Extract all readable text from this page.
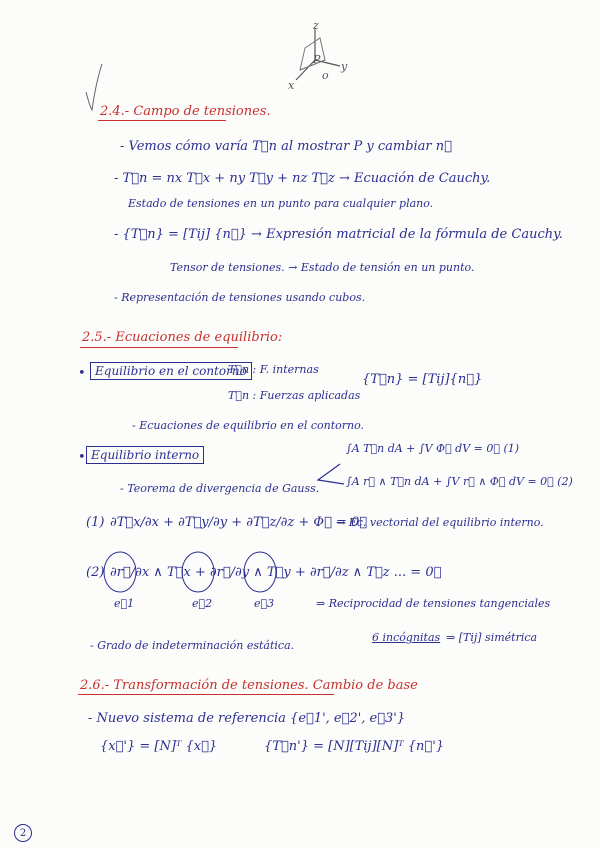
z
y
x
P
o
2.4.- Campo de tensiones.
- Vemos cómo varía T⃗n al mostrar P y cambiar n⃗
- T⃗n = nx T⃗x + ny T⃗y + nz T⃗z → Ecuación de Cauchy.
Estado de tensiones en un punto para cualquier plano.
- {T⃗n} = [Tij] {n⃗} → Expresión matricial de la fórmula de Cauchy.
Tensor de tensiones. → Estado de tensión en un punto.
- Representación de tensiones usando cubos.
2.5.- Ecuaciones de equilibrio:
• Equilibrio en el contorno
T⃗n : F. internas
T⃗n : Fuerzas aplicadas
{T⃗n} = [Tij]{n⃗}
- Ecuaciones de equilibrio en el contorno.
• Equilibrio interno	∫A T⃗n dA + ∫V Φ⃗ dV = 0⃗ (1)
∫A r⃗ ∧ T⃗n dA + ∫V r⃗ ∧ Φ⃗ dV = 0⃗ (2)
- Teorema de divergencia de Gauss.
(1) ∂T⃗x/∂x + ∂T⃗y/∂y + ∂T⃗z/∂z + Φ⃗ = 0⃗
→ Ec. vectorial del equilibrio interno.
(2) ∂r⃗/∂x ∧ T⃗x + ∂r⃗/∂y ∧ T⃗y + ∂r⃗/∂z ∧ T⃗z ... = 0⃗
e⃗1	e⃗2	e⃗3	⇒ Reciprocidad de tensiones tangenciales
6 incógnitas ⇒ [Tij] simétrica
- Grado de indeterminación estática.
2.6.- Transformación de tensiones. Cambio de base
- Nuevo sistema de referencia {e⃗1', e⃗2', e⃗3'}
{x⃗'} = [N]ᵀ {x⃗}	{T⃗n'} = [N][Tij][N]ᵀ {n⃗'}
2
